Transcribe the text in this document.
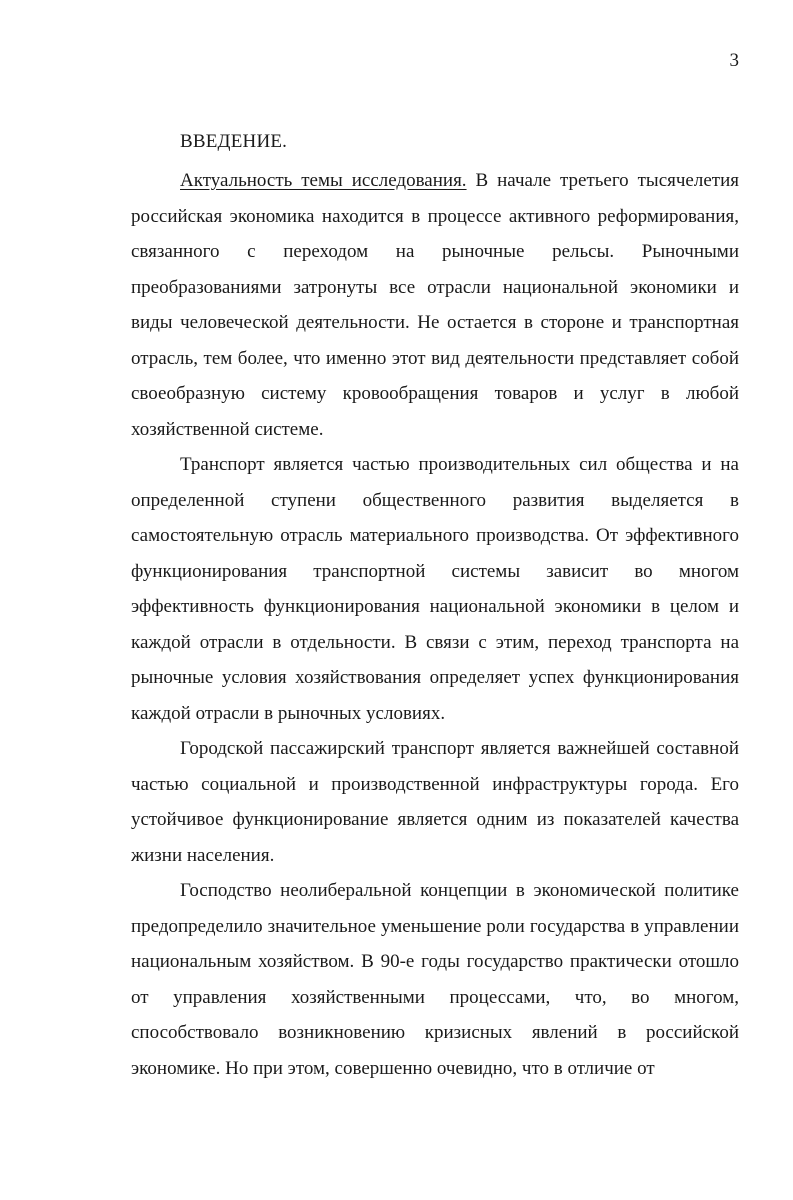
3
ВВЕДЕНИЕ.

Актуальность темы исследования. В начале третьего тысячелетия российская экономика находится в процессе активного реформирования, связанного с переходом на рыночные рельсы. Рыночными преобразованиями затронуты все отрасли национальной экономики и виды человеческой деятельности. Не остается в стороне и транспортная отрасль, тем более, что именно этот вид деятельности представляет собой своеобразную систему кровообращения товаров и услуг в любой хозяйственной системе.

Транспорт является частью производительных сил общества и на определенной ступени общественного развития выделяется в самостоятельную отрасль материального производства. От эффективного функционирования транспортной системы зависит во многом эффективность функционирования национальной экономики в целом и каждой отрасли в отдельности. В связи с этим, переход транспорта на рыночные условия хозяйствования определяет успех функционирования каждой отрасли в рыночных условиях.

Городской пассажирский транспорт является важнейшей составной частью социальной и производственной инфраструктуры города. Его устойчивое функционирование является одним из показателей качества жизни населения.

Господство неолиберальной концепции в экономической политике предопределило значительное уменьшение роли государства в управлении национальным хозяйством. В 90-е годы государство практически отошло от управления хозяйственными процессами, что, во многом, способствовало возникновению кризисных явлений в российской экономике. Но при этом, совершенно очевидно, что в отличие от
